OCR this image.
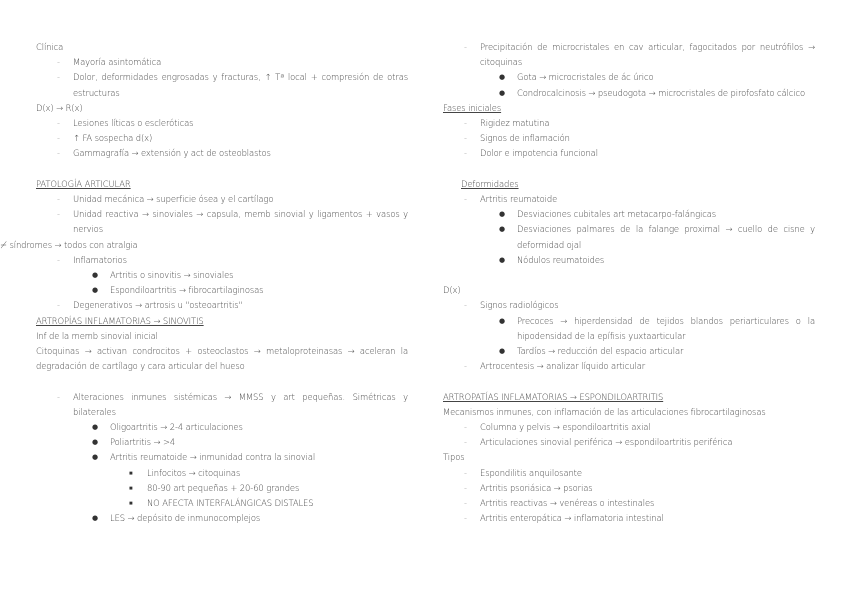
Clínica
- Mayoría asintomática
- Dolor, deformidades engrosadas y fracturas, ↑ Tª local + compresión de otras estructuras
D(x) → R(x)
- Lesiones líticas o escleróticas
- ↑ FA sospecha d(x)
- Gammagrafía → extensión y act de osteoblastos
PATOLOGÍA ARTICULAR
- Unidad mecánica → superficie ósea y el cartílago
- Unidad reactiva → sinoviales → capsula, memb sinovial y ligamentos + vasos y nervios
≠ síndromes → todos con atralgia
- Inflamatorios
● Artritis o sinovitis → sinoviales
● Espondiloartritis → fibrocartilaginosas
- Degenerativos → artrosis u "osteoartritis"
ARTROPÍAS INFLAMATORIAS → SINOVITIS
Inf de la memb sinovial inicial
Citoquinas → activan condrocitos + osteoclastos → metaloproteinasas → aceleran la degradación de cartílago y cara articular del hueso
- Alteraciones inmunes sistémicas → MMSS y art pequeñas. Simétricas y bilaterales
● Oligoartritis → 2-4 articulaciones
● Poliartritis → >4
● Artritis reumatoide → inmunidad contra la sinovial
■ Linfocitos → citoquinas
■ 80-90 art pequeñas + 20-60 grandes
■ NO AFECTA INTERFALÁNGICAS DISTALES
● LES → depósito de inmunocomplejos
- Precipitación de microcristales en cav articular, fagocitados por neutrófilos → citoquinas
● Gota → microcristales de ác úrico
● Condrocalcinosis → pseudogota → microcristales de pirofosfato cálcico
Fases iniciales
- Rigidez matutina
- Signos de inflamación
- Dolor e impotencia funcional
Deformidades
- Artritis reumatoide
● Desviaciones cubitales art metacarpo-falángicas
● Desviaciones palmares de la falange proximal → cuello de cisne y deformidad ojal
● Nódulos reumatoides
D(x)
- Signos radiológicos
● Precoces → hiperdensidad de tejidos blandos periarticulares o la hipodensidad de la epífisis yuxtaarticular
● Tardíos → reducción del espacio articular
- Artrocentesis → analizar líquido articular
ARTROPATÍAS INFLAMATORIAS → ESPONDILOARTRITIS
Mecanismos inmunes, con inflamación de las articulaciones fibrocartilaginosas
- Columna y pelvis → espondiloartritis axial
- Articulaciones sinovial periférica → espondiloartritis periférica
Tipos
- Espondilitis anquilosante
- Artritis psoriásica → psorias
- Artritis reactivas → venéreas o intestinales
- Artritis enteropática → inflamatoria intestinal
